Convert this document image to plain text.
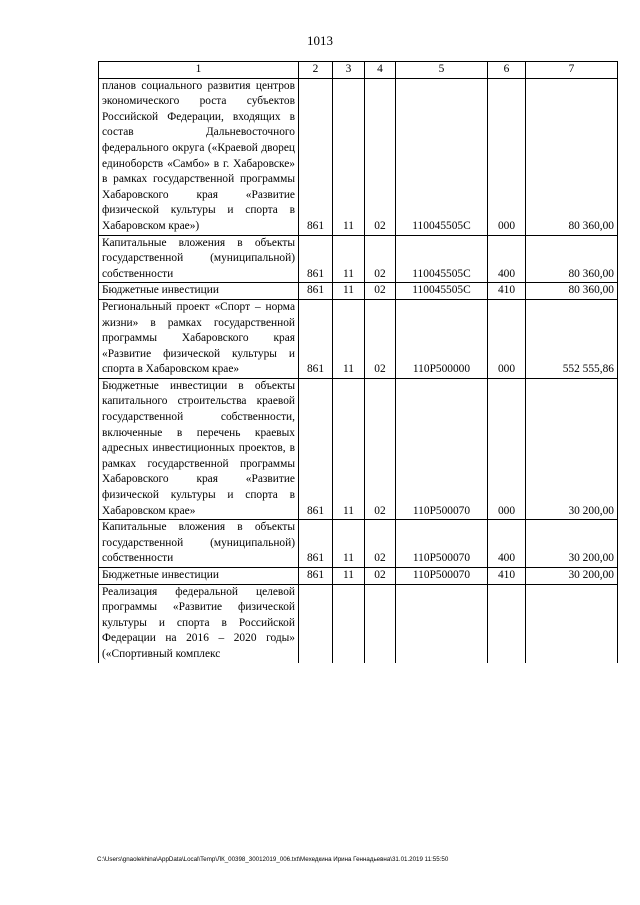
1013
1	2	3	4	5	6	7
планов социального развития центров экономического роста субъектов Российской Федерации, входящих в состав Дальневосточного федерального округа («Краевой дворец единоборств «Самбо» в г. Хабаровске» в рамках государственной программы Хабаровского края «Развитие физической культуры и спорта в Хабаровском крае»)	861	11	02	110045505С	000	80 360,00
Капитальные вложения в объекты государственной (муниципальной) собственности	861	11	02	110045505С	400	80 360,00
Бюджетные инвестиции	861	11	02	110045505С	410	80 360,00
Региональный проект «Спорт – норма жизни» в рамках государственной программы Хабаровского края «Развитие физической культуры и спорта в Хабаровском крае»	861	11	02	110Р500000	000	552 555,86
Бюджетные инвестиции в объекты капитального строительства краевой государственной собственности, включенные в перечень краевых адресных инвестиционных проектов, в рамках государственной программы Хабаровского края «Развитие физической культуры и спорта в Хабаровском крае»	861	11	02	110Р500070	000	30 200,00
Капитальные вложения в объекты государственной (муниципальной) собственности	861	11	02	110Р500070	400	30 200,00
Бюджетные инвестиции	861	11	02	110Р500070	410	30 200,00
Реализация федеральной целевой программы «Развитие физической культуры и спорта в Российской Федерации на 2016 – 2020 годы» («Спортивный комплекс						
C:\Users\gnaolekhina\AppData\Local\Temp\ЛК_00398_30012019_006.txt\Мехедкина Ирина Геннадьевна\31.01.2019 11:55:50
